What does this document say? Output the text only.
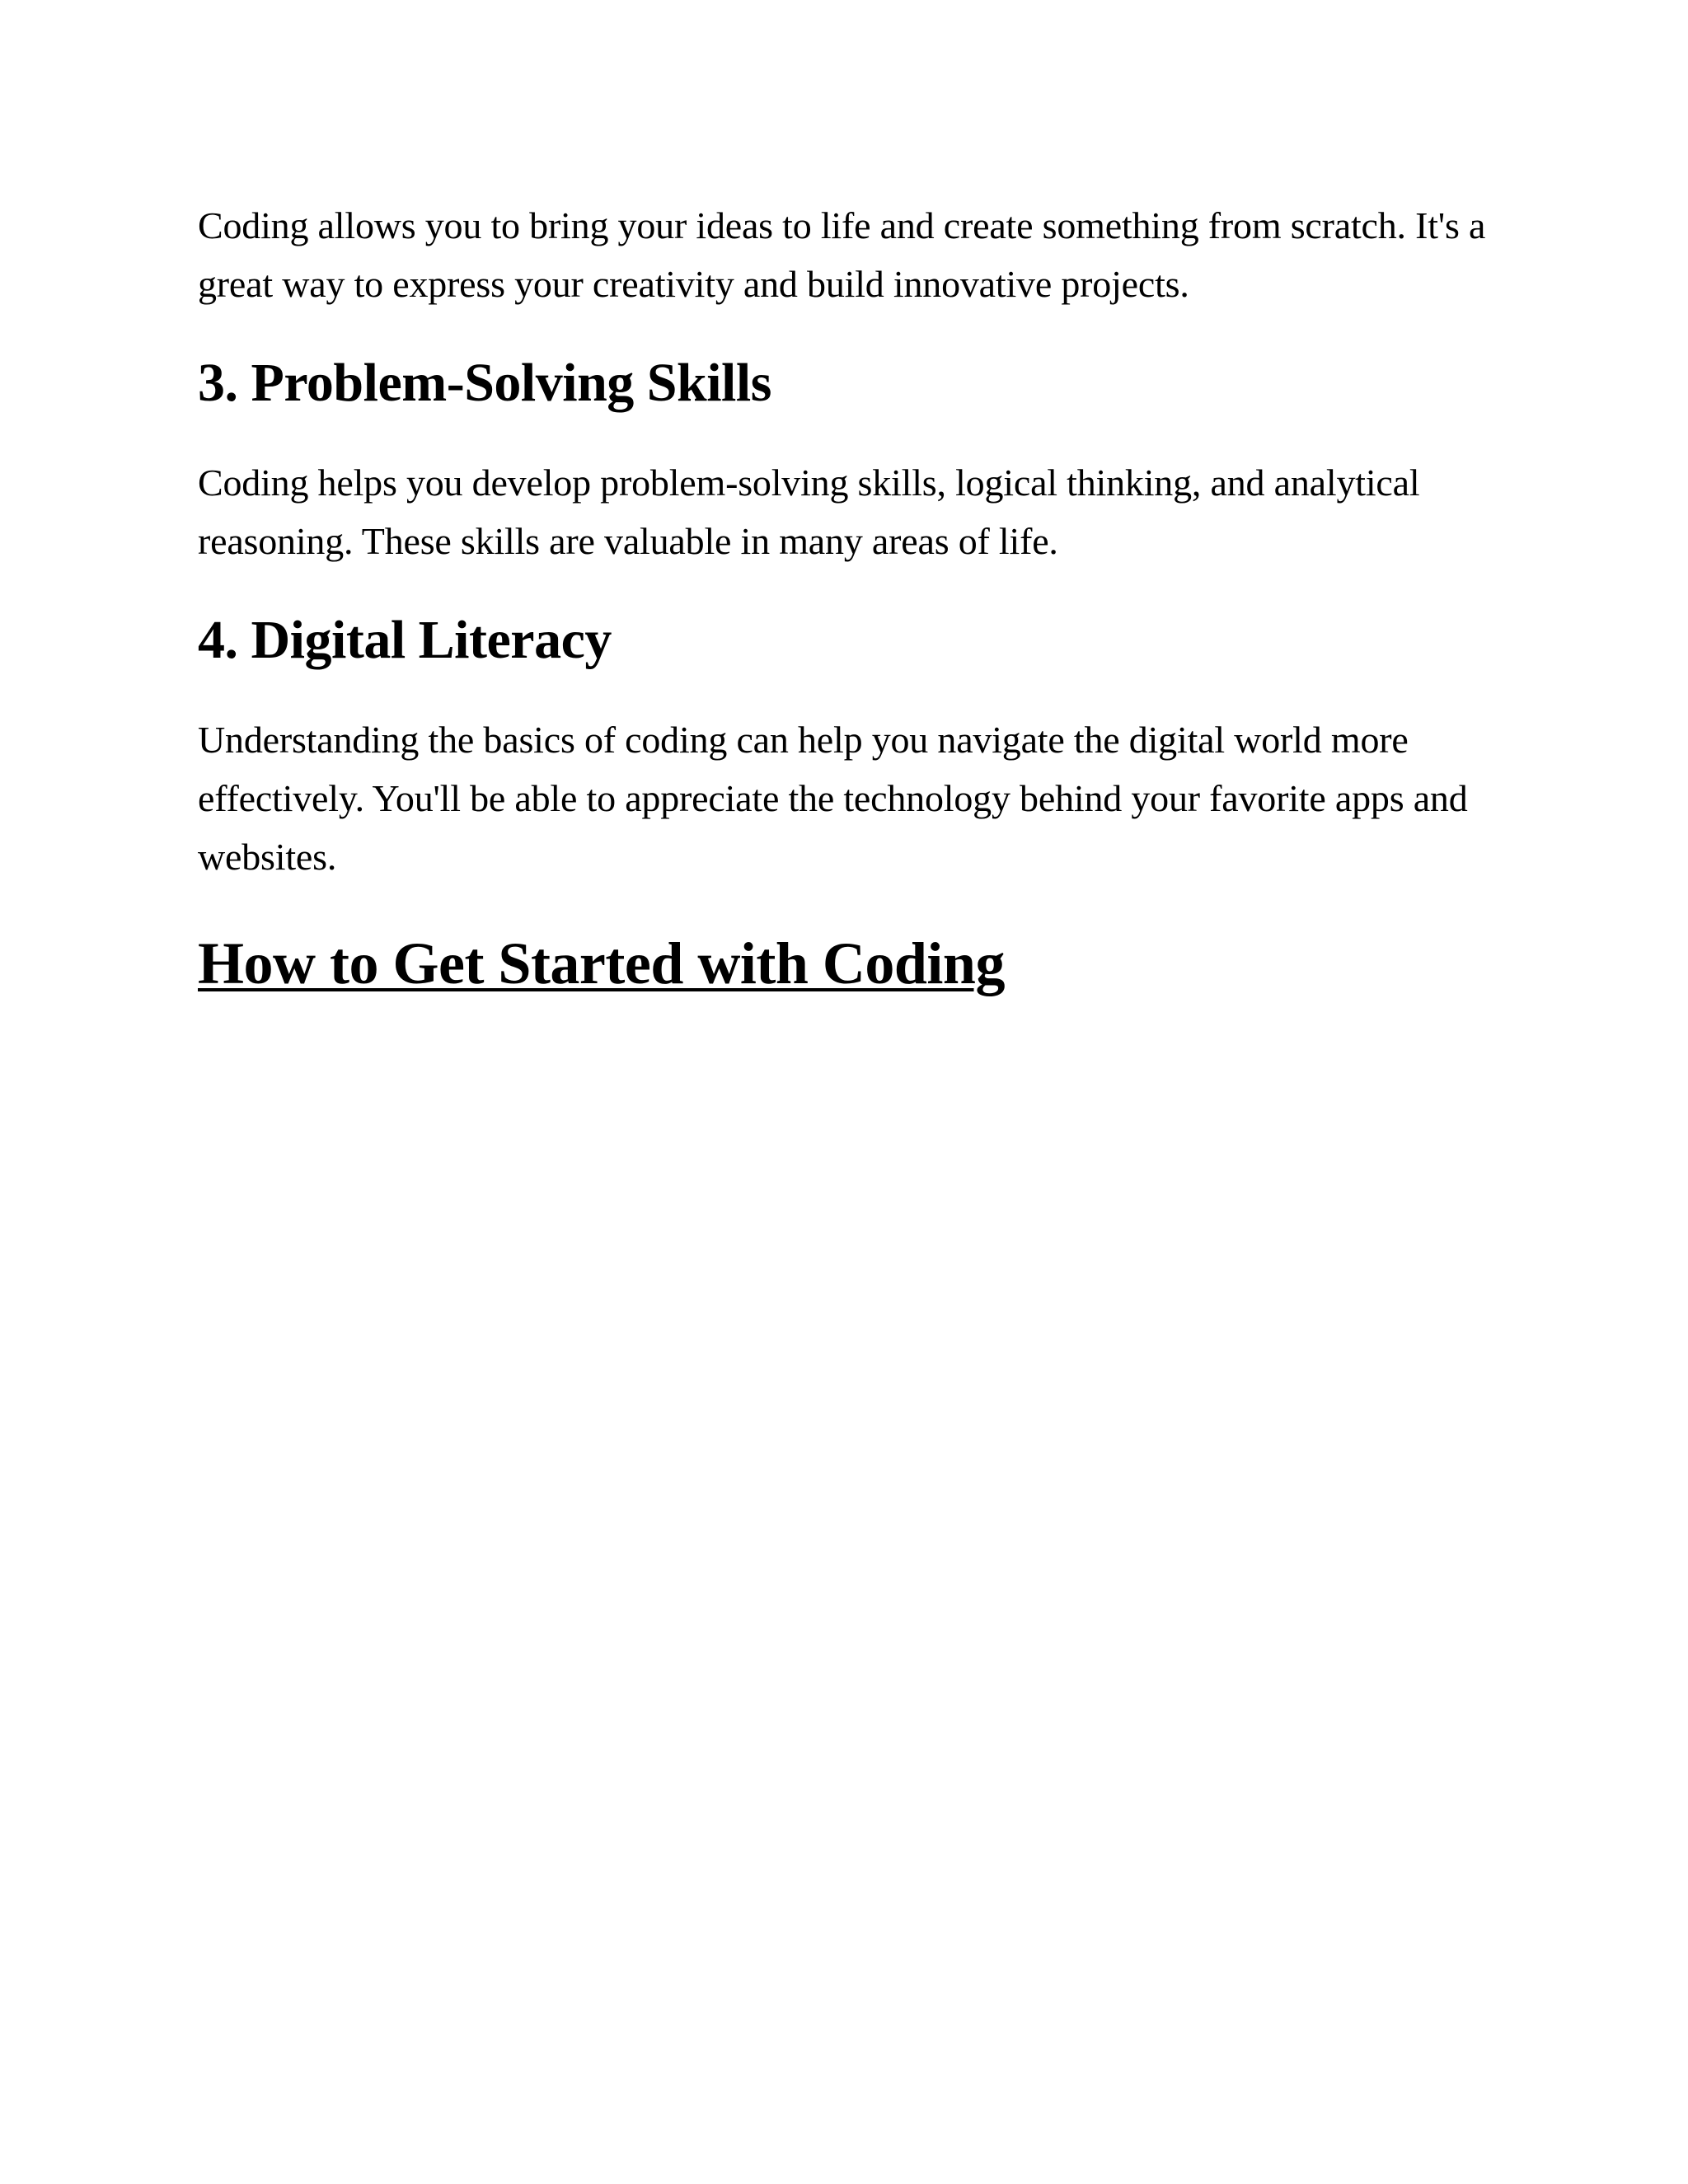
Coding allows you to bring your ideas to life and create something from scratch. It's a great way to express your creativity and build innovative projects.

3. Problem-Solving Skills

Coding helps you develop problem-solving skills, logical thinking, and analytical reasoning. These skills are valuable in many areas of life.

4. Digital Literacy

Understanding the basics of coding can help you navigate the digital world more effectively. You'll be able to appreciate the technology behind your favorite apps and websites.

How to Get Started with Coding
